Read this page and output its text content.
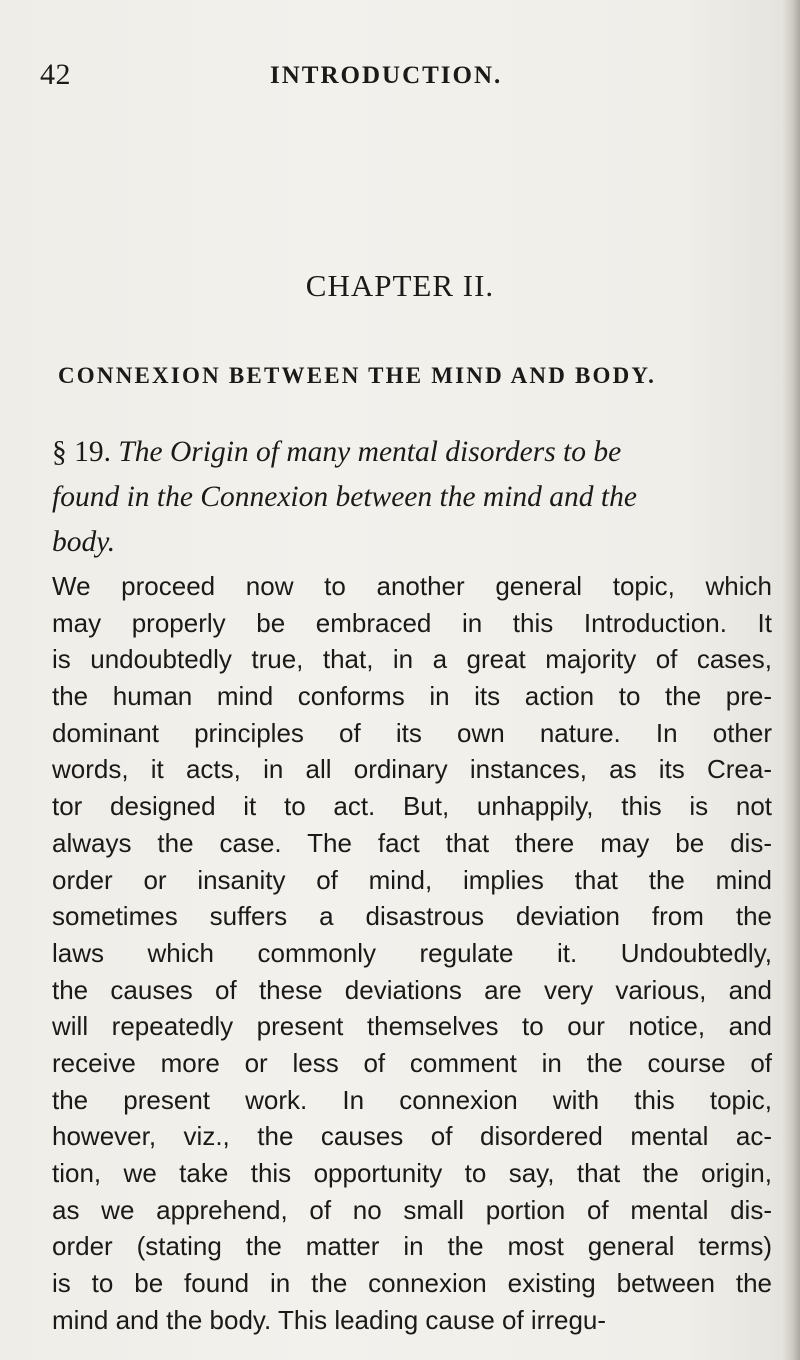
42	INTRODUCTION.
CHAPTER II.
CONNEXION BETWEEN THE MIND AND BODY.
§ 19. The Origin of many mental disorders to be
found in the Connexion between the mind and the
body.
We proceed now to another general topic, which
may properly be embraced in this Introduction. It
is undoubtedly true, that, in a great majority of cases,
the human mind conforms in its action to the pre-
dominant principles of its own nature. In other
words, it acts, in all ordinary instances, as its Crea-
tor designed it to act. But, unhappily, this is not
always the case. The fact that there may be dis-
order or insanity of mind, implies that the mind
sometimes suffers a disastrous deviation from the
laws which commonly regulate it. Undoubtedly,
the causes of these deviations are very various, and
will repeatedly present themselves to our notice, and
receive more or less of comment in the course of
the present work. In connexion with this topic,
however, viz., the causes of disordered mental ac-
tion, we take this opportunity to say, that the origin,
as we apprehend, of no small portion of mental dis-
order (stating the matter in the most general terms)
is to be found in the connexion existing between the
mind and the body. This leading cause of irregu-
